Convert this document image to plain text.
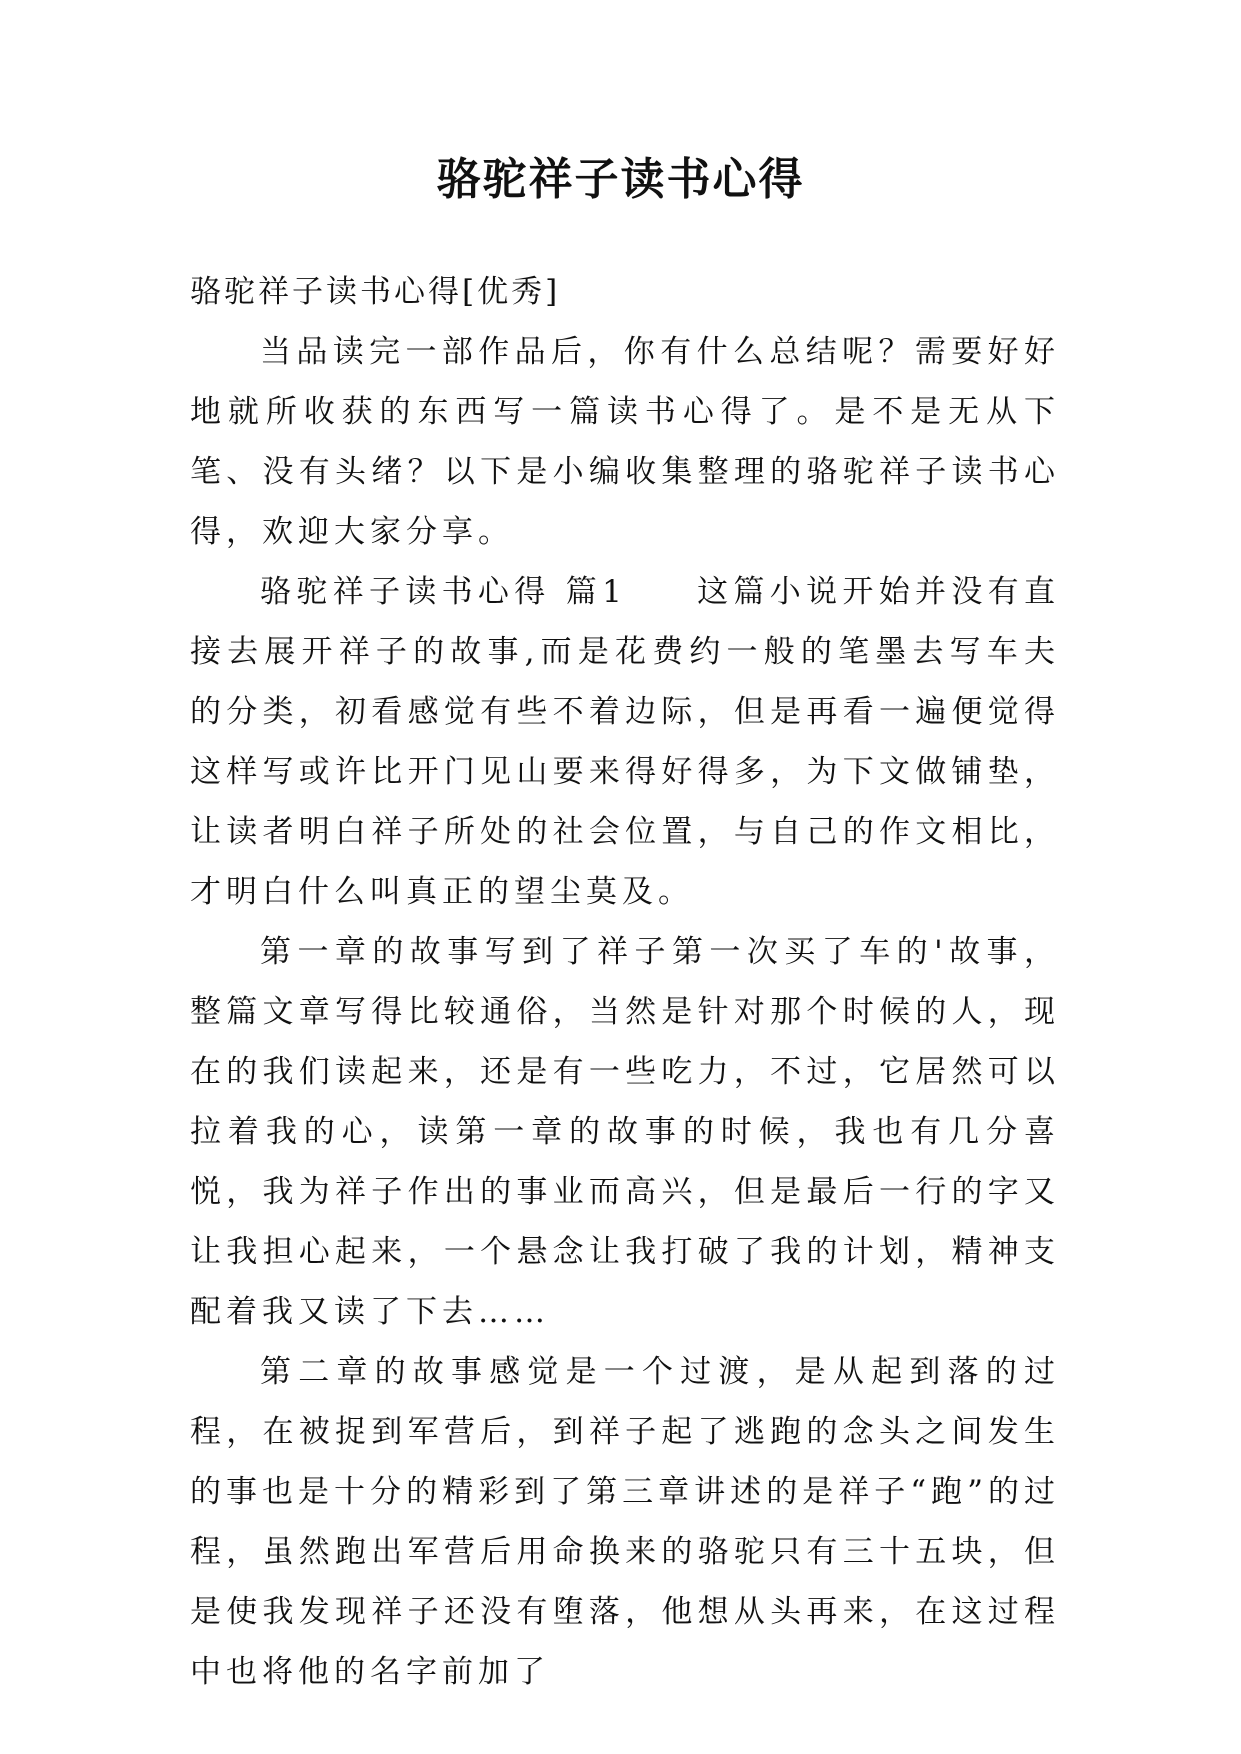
骆驼祥子读书心得

骆驼祥子读书心得[优秀]

当品读完一部作品后，你有什么总结呢？需要好好地就所收获的东西写一篇读书心得了。是不是无从下笔、没有头绪？以下是小编收集整理的骆驼祥子读书心得，欢迎大家分享。

骆驼祥子读书心得 篇1 这篇小说开始并没有直接去展开祥子的故事,而是花费约一般的笔墨去写车夫的分类，初看感觉有些不着边际，但是再看一遍便觉得这样写或许比开门见山要来得好得多，为下文做铺垫，让读者明白祥子所处的社会位置，与自己的作文相比，才明白什么叫真正的望尘莫及。

第一章的故事写到了祥子第一次买了车的'故事，整篇文章写得比较通俗，当然是针对那个时候的人，现在的我们读起来，还是有一些吃力，不过，它居然可以拉着我的心，读第一章的故事的时候，我也有几分喜悦，我为祥子作出的事业而高兴，但是最后一行的字又让我担心起来，一个悬念让我打破了我的计划，精神支配着我又读了下去……

第二章的故事感觉是一个过渡，是从起到落的过程，在被捉到军营后，到祥子起了逃跑的念头之间发生的事也是十分的精彩到了第三章讲述的是祥子“跑”的过程，虽然跑出军营后用命换来的骆驼只有三十五块，但是使我发现祥子还没有堕落，他想从头再来，在这过程中也将他的名字前加了
